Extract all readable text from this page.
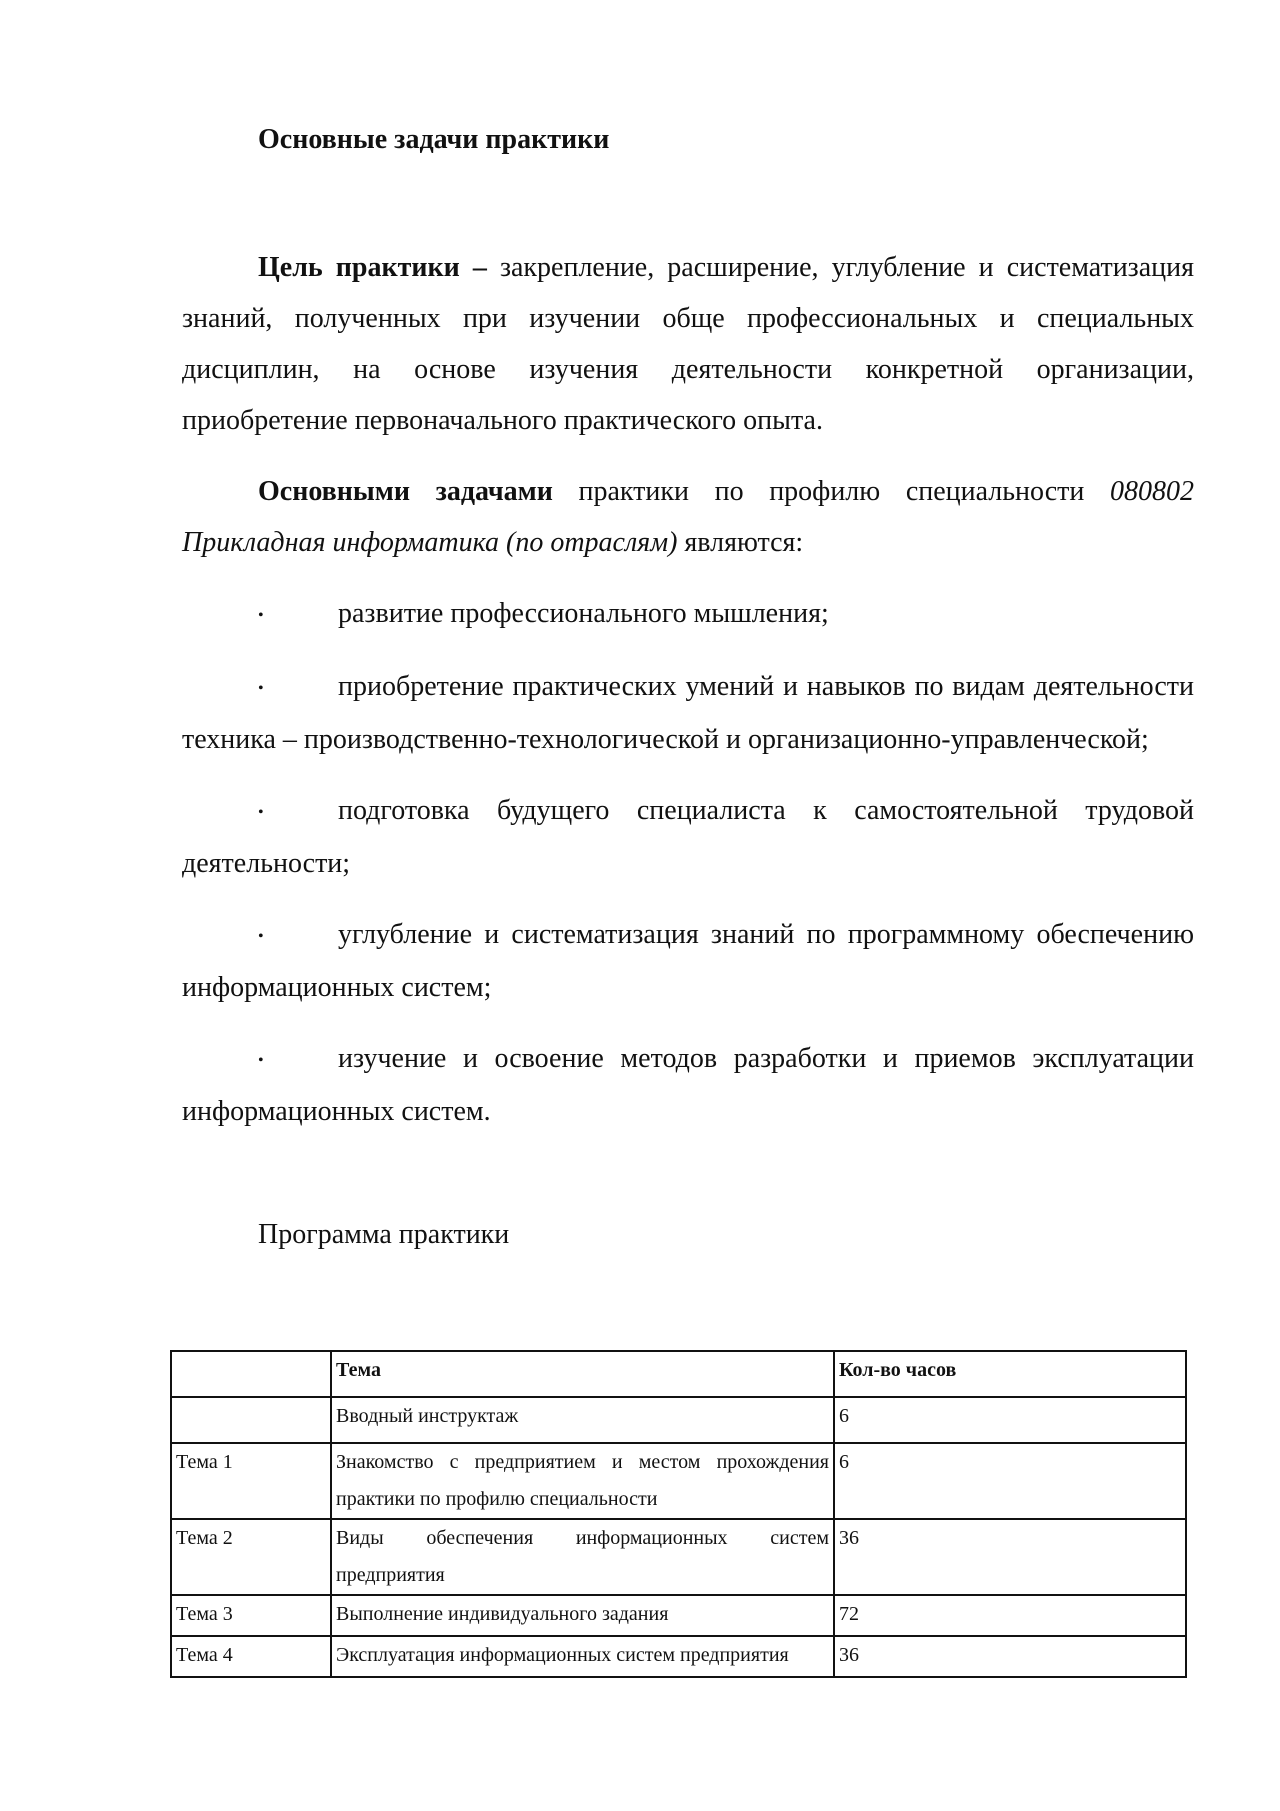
Основные задачи практики

Цель практики – закрепление, расширение, углубление и систематизация знаний, полученных при изучении обще профессиональных и специальных дисциплин, на основе изучения деятельности конкретной организации, приобретение первоначального практического опыта.

Основными задачами практики по профилю специальности 080802 Прикладная информатика (по отраслям) являются:

•	развитие профессионального мышления;

•	приобретение практических умений и навыков по видам деятельности техника – производственно-технологической и организационно-управленческой;

•	подготовка будущего специалиста к самостоятельной трудовой деятельности;

•	углубление и систематизация знаний по программному обеспечению информационных систем;

•	изучение и освоение методов разработки и приемов эксплуатации информационных систем.

Программа практики

	Тема	Кол-во часов
	Вводный инструктаж	6
Тема 1	Знакомство с предприятием и местом прохождения практики по профилю специальности	6
Тема 2	Виды обеспечения информационных систем предприятия	36
Тема 3	Выполнение индивидуального задания	72
Тема 4	Эксплуатация информационных систем предприятия	36
